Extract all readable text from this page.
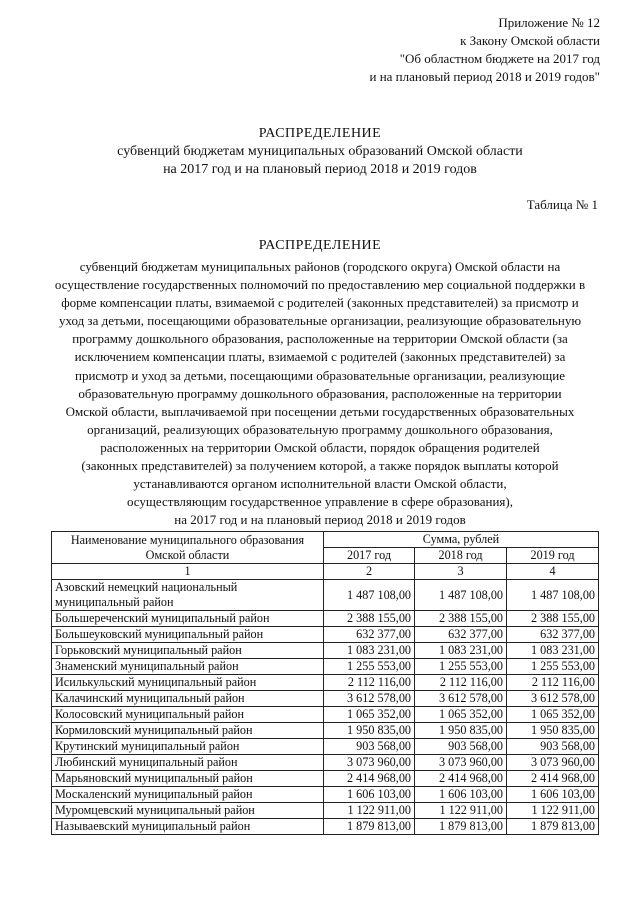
Приложение № 12
к Закону Омской области
"Об областном бюджете на 2017 год
и на плановый период 2018 и 2019 годов"
РАСПРЕДЕЛЕНИЕ
субвенций бюджетам муниципальных образований Омской области
на 2017 год и на плановый период 2018 и 2019 годов
Таблица № 1
РАСПРЕДЕЛЕНИЕ
субвенций бюджетам муниципальных районов (городского округа) Омской области на
осуществление государственных полномочий по предоставлению мер социальной поддержки в
форме компенсации платы, взимаемой с родителей (законных представителей) за присмотр и
уход за детьми, посещающими образовательные организации, реализующие образовательную
программу дошкольного образования, расположенные на территории Омской области (за
исключением компенсации платы, взимаемой с родителей (законных представителей) за
присмотр и уход за детьми, посещающими образовательные организации, реализующие
образовательную программу дошкольного образования, расположенные на территории
Омской области, выплачиваемой при посещении детьми государственных образовательных
организаций, реализующих образовательную программу дошкольного образования,
расположенных на территории Омской области, порядок обращения родителей
(законных представителей) за получением которой, а также порядок выплаты которой
устанавливаются органом исполнительной власти Омской области,
осуществляющим государственное управление в сфере образования),
на 2017 год и на плановый период 2018 и 2019 годов
Наименование муниципального образования
Омской области	Сумма, рублей		
	2017 год	2018 год	2019 год
1	2	3	4
Азовский немецкий национальный муниципальный район	1 487 108,00	1 487 108,00	1 487 108,00
Большереченский муниципальный район	2 388 155,00	2 388 155,00	2 388 155,00
Большеуковский муниципальный район	632 377,00	632 377,00	632 377,00
Горьковский муниципальный район	1 083 231,00	1 083 231,00	1 083 231,00
Знаменский муниципальный район	1 255 553,00	1 255 553,00	1 255 553,00
Исилькульский муниципальный район	2 112 116,00	2 112 116,00	2 112 116,00
Калачинский муниципальный район	3 612 578,00	3 612 578,00	3 612 578,00
Колосовский муниципальный район	1 065 352,00	1 065 352,00	1 065 352,00
Кормиловский муниципальный район	1 950 835,00	1 950 835,00	1 950 835,00
Крутинский муниципальный район	903 568,00	903 568,00	903 568,00
Любинский муниципальный район	3 073 960,00	3 073 960,00	3 073 960,00
Марьяновский муниципальный район	2 414 968,00	2 414 968,00	2 414 968,00
Москаленский муниципальный район	1 606 103,00	1 606 103,00	1 606 103,00
Муромцевский муниципальный район	1 122 911,00	1 122 911,00	1 122 911,00
Называевский муниципальный район	1 879 813,00	1 879 813,00	1 879 813,00
